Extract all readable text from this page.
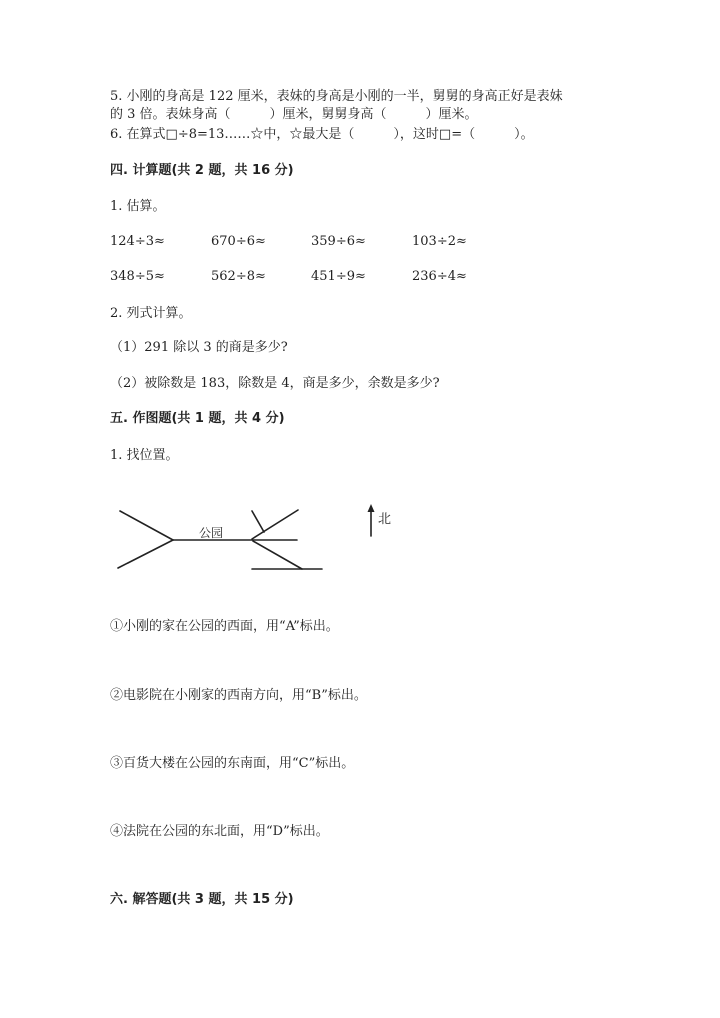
5. 小刚的身高是 122 厘米，表妹的身高是小刚的一半，舅舅的身高正好是表妹
的 3 倍。表妹身高（　　　）厘米，舅舅身高（　　　）厘米。
6. 在算式□÷8=13……☆中，☆最大是（　　　），这时□=（　　　）。
四. 计算题(共 2 题，共 16 分)
1. 估算。
124÷3≈	670÷6≈	359÷6≈	103÷2≈
348÷5≈	562÷8≈	451÷9≈	236÷4≈
2. 列式计算。
（1）291 除以 3 的商是多少?
（2）被除数是 183，除数是 4，商是多少，余数是多少?
五. 作图题(共 1 题，共 4 分)
1. 找位置。
公园
北
①小刚的家在公园的西面，用“A”标出。
②电影院在小刚家的西南方向，用“B”标出。
③百货大楼在公园的东南面，用“C”标出。
④法院在公园的东北面，用“D”标出。
六. 解答题(共 3 题，共 15 分)
